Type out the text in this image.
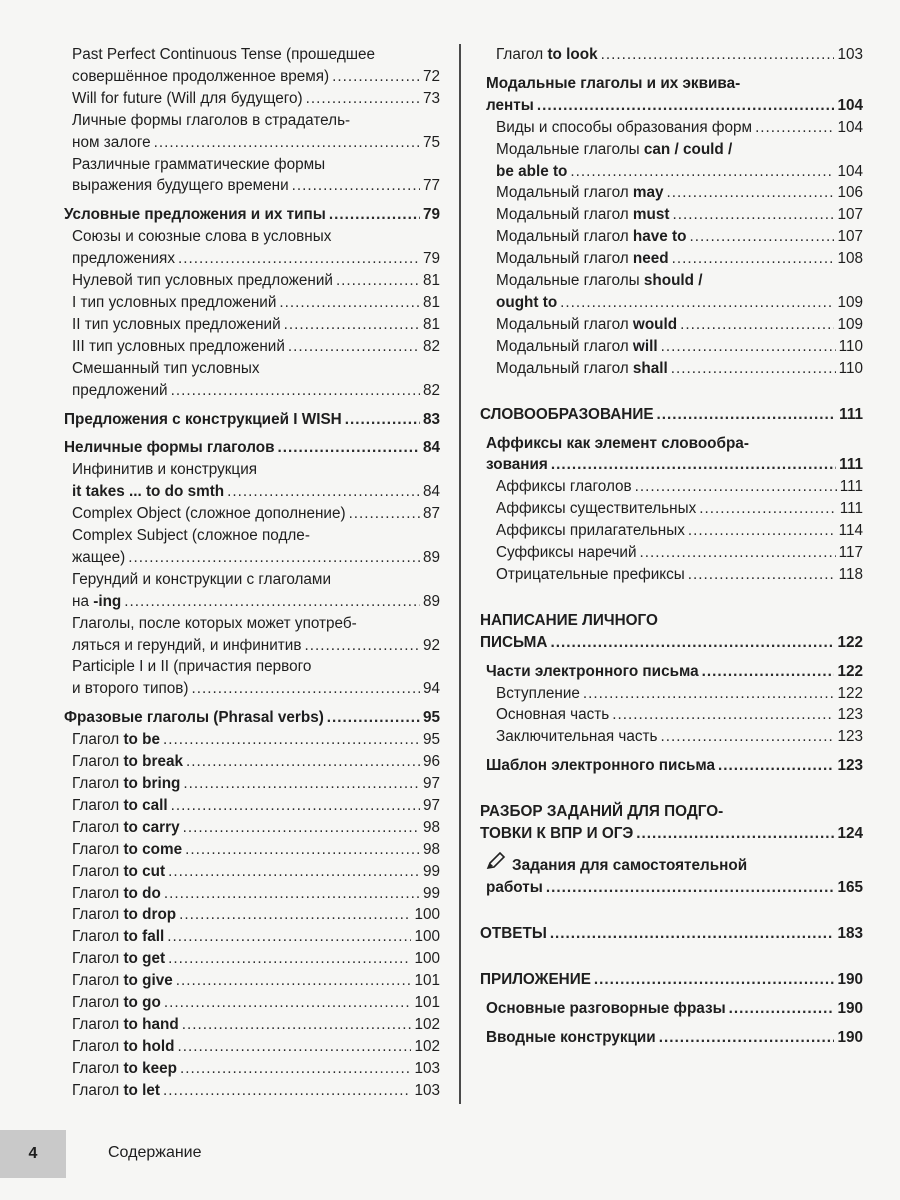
Past Perfect Continuous Tense (прошедшее
совершённое продолженное время) .....	72
Will for future (Will для будущего) .....	73
Личные формы глаголов в страдатель-
ном залоге .....	75
Различные грамматические формы
выражения будущего времени .....	77
Условные предложения и их типы .....	79
Союзы и союзные слова в условных
предложениях .....	79
Нулевой тип условных предложений .....	81
I тип условных предложений .....	81
II тип условных предложений .....	81
III тип условных предложений .....	82
Смешанный тип условных
предложений .....	82
Предложения с конструкцией I WISH .....	83
Неличные формы глаголов .....	84
Инфинитив и конструкция
it takes ... to do smth .....	84
Complex Object (сложное дополнение) .....	87
Complex Subject (сложное подле-
жащее) .....	89
Герундий и конструкции с глаголами
на -ing .....	89
Глаголы, после которых может употреб-
ляться и герундий, и инфинитив .....	92
Participle I и II (причастия первого
и второго типов) .....	94
Фразовые глаголы (Phrasal verbs) .....	95
Глагол to be .....	95
Глагол to break .....	96
Глагол to bring .....	97
Глагол to call .....	97
Глагол to carry .....	98
Глагол to come .....	98
Глагол to cut .....	99
Глагол to do .....	99
Глагол to drop .....	100
Глагол to fall .....	100
Глагол to get .....	100
Глагол to give .....	101
Глагол to go .....	101
Глагол to hand .....	102
Глагол to hold .....	102
Глагол to keep .....	103
Глагол to let .....	103
Глагол to look .....	103
Модальные глаголы и их эквива-
ленты .....	104
Виды и способы образования форм .....	104
Модальные глаголы can / could /
be able to .....	104
Модальный глагол may .....	106
Модальный глагол must .....	107
Модальный глагол have to .....	107
Модальный глагол need .....	108
Модальные глаголы should /
ought to .....	109
Модальный глагол would .....	109
Модальный глагол will .....	110
Модальный глагол shall .....	110
СЛОВООБРАЗОВАНИЕ .....	111
Аффиксы как элемент словообра-
зования .....	111
Аффиксы глаголов .....	111
Аффиксы существительных .....	111
Аффиксы прилагательных .....	114
Суффиксы наречий .....	117
Отрицательные префиксы .....	118
НАПИСАНИЕ ЛИЧНОГО
ПИСЬМА .....	122
Части электронного письма .....	122
Вступление .....	122
Основная часть .....	123
Заключительная часть .....	123
Шаблон электронного письма .....	123
РАЗБОР ЗАДАНИЙ ДЛЯ ПОДГО-
ТОВКИ К ВПР И ОГЭ .....	124
Задания для самостоятельной
работы .....	165
ОТВЕТЫ .....	183
ПРИЛОЖЕНИЕ .....	190
Основные разговорные фразы .....	190
Вводные конструкции .....	190
4	Содержание
